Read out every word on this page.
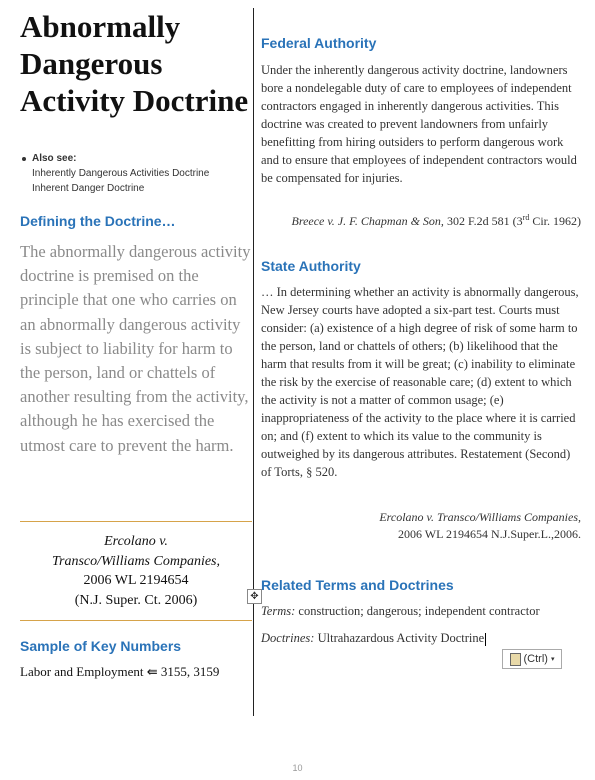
Abnormally Dangerous Activity Doctrine
Also see:
Inherently Dangerous Activities Doctrine
Inherent Danger Doctrine
Defining the Doctrine…
The abnormally dangerous activity doctrine is premised on the principle that one who carries on an abnormally dangerous activity is subject to liability for harm to the person, land or chattels of another resulting from the activity, although he has exercised the utmost care to prevent the harm.
Ercolano v.
Transco/Williams Companies,
2006 WL 2194654
(N.J. Super. Ct. 2006)
Sample of Key Numbers
Labor and Employment ⇚ 3155, 3159
✥
Federal Authority
Under the inherently dangerous activity doctrine, landowners bore a nondelegable duty of care to employees of independent contractors engaged in inherently dangerous activities. This doctrine was created to prevent landowners from unfairly benefitting from hiring outsiders to perform dangerous work and to ensure that employees of independent contractors would be compensated for injuries.
Breece v. J. F. Chapman & Son, 302 F.2d 581 (3rd Cir. 1962)
State Authority
… In determining whether an activity is abnormally dangerous, New Jersey courts have adopted a six-part test. Courts must consider: (a) existence of a high degree of risk of some harm to the person, land or chattels of others; (b) likelihood that the harm that results from it will be great; (c) inability to eliminate the risk by the exercise of reasonable care; (d) extent to which the activity is not a matter of common usage; (e) inappropriateness of the activity to the place where it is carried on; and (f) extent to which its value to the community is outweighed by its dangerous attributes. Restatement (Second) of Torts, § 520.
Ercolano v. Transco/Williams Companies,
2006 WL 2194654 N.J.Super.L.,2006.
Related Terms and Doctrines
Terms: construction; dangerous; independent contractor
Doctrines: Ultrahazardous Activity Doctrine
(Ctrl) ▾
10
